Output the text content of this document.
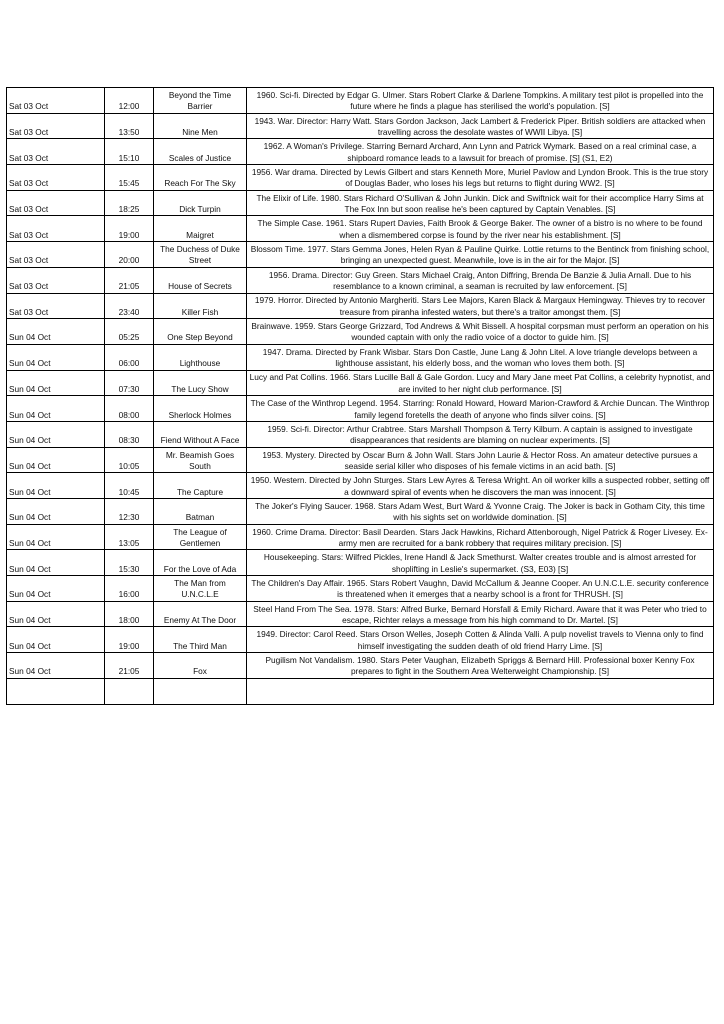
Sat 03 Oct	12:00	Beyond the Time Barrier	1960. Sci-fi. Directed by Edgar G. Ulmer. Stars Robert Clarke & Darlene Tompkins. A military test pilot is propelled into the future where he finds a plague has sterilised the world's population. [S]
Sat 03 Oct	13:50	Nine Men	1943. War. Director: Harry Watt. Stars Gordon Jackson, Jack Lambert & Frederick Piper. British soldiers are attacked when travelling across the desolate wastes of WWII Libya. [S]
Sat 03 Oct	15:10	Scales of Justice	1962. A Woman's Privilege. Starring Bernard Archard, Ann Lynn and Patrick Wymark. Based on a real criminal case, a shipboard romance leads to a lawsuit for breach of promise. [S] (S1, E2)
Sat 03 Oct	15:45	Reach For The Sky	1956. War drama. Directed by Lewis Gilbert and stars Kenneth More, Muriel Pavlow and Lyndon Brook. This is the true story of Douglas Bader, who loses his legs but returns to flight during WW2. [S]
Sat 03 Oct	18:25	Dick Turpin	The Elixir of Life. 1980. Stars Richard O'Sullivan & John Junkin. Dick and Swiftnick wait for their accomplice Harry Sims at The Fox Inn but soon realise he's been captured by Captain Venables. [S]
Sat 03 Oct	19:00	Maigret	The Simple Case. 1961. Stars Rupert Davies, Faith Brook & George Baker. The owner of a bistro is no where to be found when a dismembered corpse is found by the river near his establishment. [S]
Sat 03 Oct	20:00	The Duchess of Duke Street	Blossom Time. 1977. Stars Gemma Jones, Helen Ryan & Pauline Quirke. Lottie returns to the Bentinck from finishing school, bringing an unexpected guest. Meanwhile, love is in the air for the Major. [S]
Sat 03 Oct	21:05	House of Secrets	1956. Drama. Director: Guy Green. Stars Michael Craig, Anton Diffring, Brenda De Banzie & Julia Arnall. Due to his resemblance to a known criminal, a seaman is recruited by law enforcement. [S]
Sat 03 Oct	23:40	Killer Fish	1979. Horror. Directed by Antonio Margheriti. Stars Lee Majors, Karen Black & Margaux Hemingway. Thieves try to recover treasure from piranha infested waters, but there's a traitor amongst them. [S]
Sun 04 Oct	05:25	One Step Beyond	Brainwave. 1959. Stars George Grizzard, Tod Andrews & Whit Bissell. A hospital corpsman must perform an operation on his wounded captain with only the radio voice of a doctor to guide him. [S]
Sun 04 Oct	06:00	Lighthouse	1947. Drama. Directed by Frank Wisbar. Stars Don Castle, June Lang & John Litel. A love triangle develops between a lighthouse assistant, his elderly boss, and the woman who loves them both. [S]
Sun 04 Oct	07:30	The Lucy Show	Lucy and Pat Collins. 1966. Stars Lucille Ball & Gale Gordon. Lucy and Mary Jane meet Pat Collins, a celebrity hypnotist, and are invited to her night club performance. [S]
Sun 04 Oct	08:00	Sherlock Holmes	The Case of the Winthrop Legend. 1954. Starring: Ronald Howard, Howard Marion-Crawford & Archie Duncan. The Winthrop family legend foretells the death of anyone who finds silver coins. [S]
Sun 04 Oct	08:30	Fiend Without A Face	1959. Sci-fi. Director: Arthur Crabtree. Stars Marshall Thompson & Terry Kilburn. A captain is assigned to investigate disappearances that residents are blaming on nuclear experiments. [S]
Sun 04 Oct	10:05	Mr. Beamish Goes South	1953. Mystery. Directed by Oscar Burn & John Wall. Stars John Laurie & Hector Ross. An amateur detective pursues a seaside serial killer who disposes of his female victims in an acid bath. [S]
Sun 04 Oct	10:45	The Capture	1950. Western. Directed by John Sturges. Stars Lew Ayres & Teresa Wright. An oil worker kills a suspected robber, setting off a downward spiral of events when he discovers the man was innocent. [S]
Sun 04 Oct	12:30	Batman	The Joker's Flying Saucer. 1968. Stars Adam West, Burt Ward & Yvonne Craig. The Joker is back in Gotham City, this time with his sights set on worldwide domination. [S]
Sun 04 Oct	13:05	The League of Gentlemen	1960. Crime Drama. Director: Basil Dearden. Stars Jack Hawkins, Richard Attenborough, Nigel Patrick & Roger Livesey. Ex-army men are recruited for a bank robbery that requires military precision. [S]
Sun 04 Oct	15:30	For the Love of Ada	Housekeeping. Stars: Wilfred Pickles, Irene Handl & Jack Smethurst. Walter creates trouble and is almost arrested for shoplifting in Leslie's supermarket. (S3, E03) [S]
Sun 04 Oct	16:00	The Man from U.N.C.L.E	The Children's Day Affair. 1965. Stars Robert Vaughn, David McCallum & Jeanne Cooper. An U.N.C.L.E. security conference is threatened when it emerges that a nearby school is a front for THRUSH. [S]
Sun 04 Oct	18:00	Enemy At The Door	Steel Hand From The Sea. 1978. Stars: Alfred Burke, Bernard Horsfall & Emily Richard. Aware that it was Peter who tried to escape, Richter relays a message from his high command to Dr. Martel. [S]
Sun 04 Oct	19:00	The Third Man	1949. Director: Carol Reed. Stars Orson Welles, Joseph Cotten & Alinda Valli. A pulp novelist travels to Vienna only to find himself investigating the sudden death of old friend Harry Lime. [S]
Sun 04 Oct	21:05	Fox	Pugilism Not Vandalism. 1980. Stars Peter Vaughan, Elizabeth Spriggs & Bernard Hill. Professional boxer Kenny Fox prepares to fight in the Southern Area Welterweight Championship. [S]
